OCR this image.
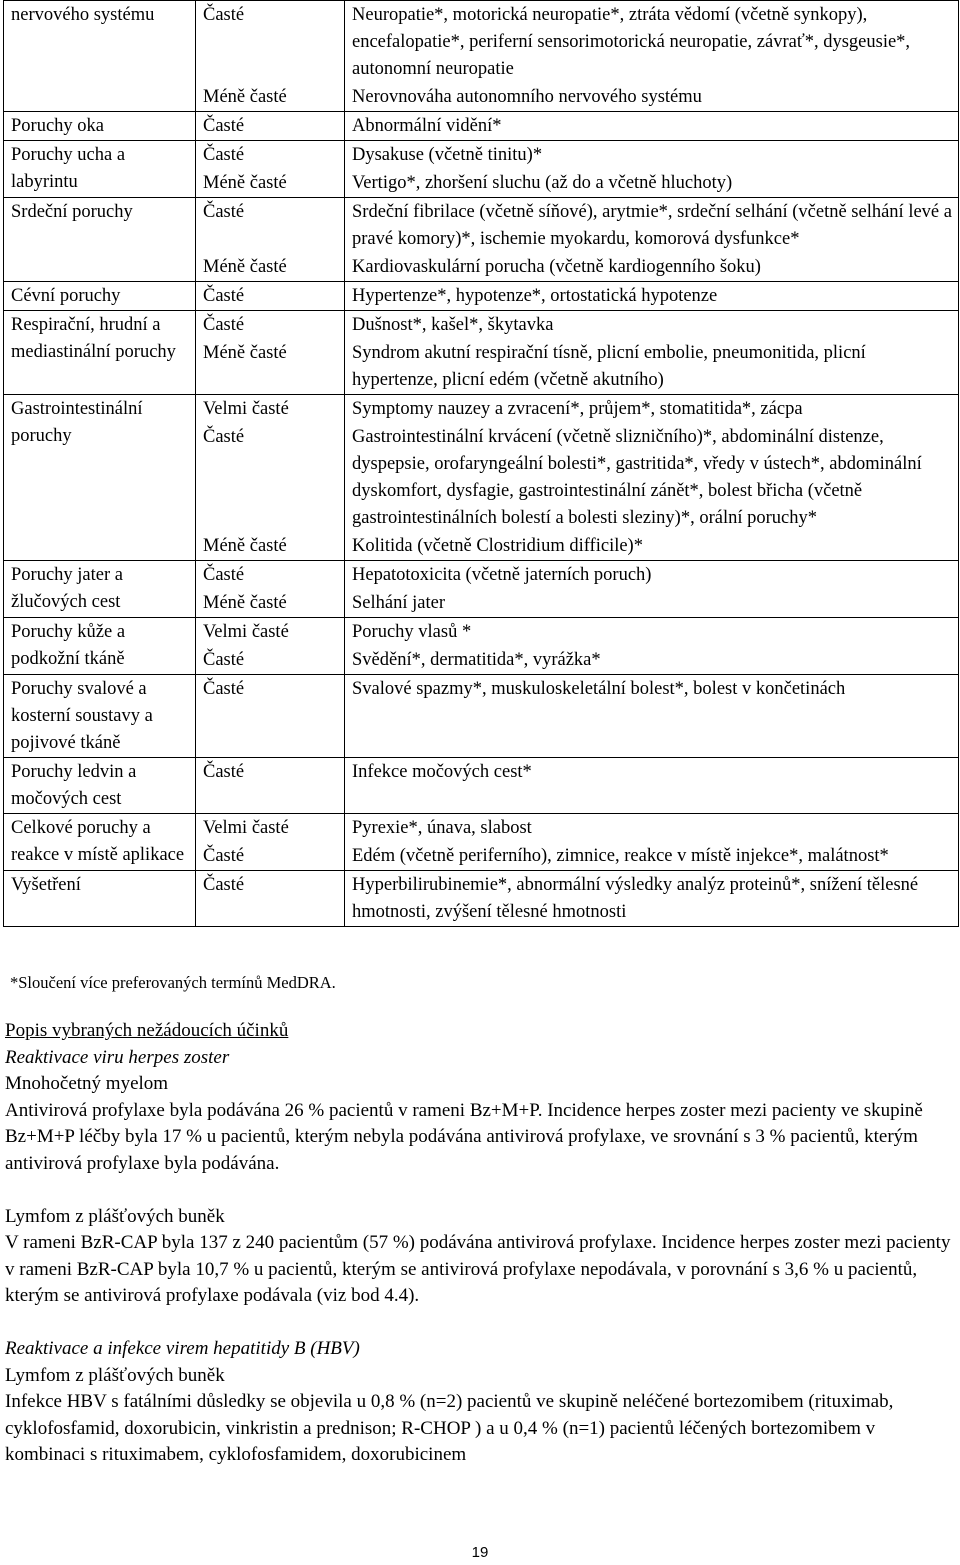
nervového systému	Časté	Neuropatie*, motorická neuropatie*, ztráta vědomí (včetně synkopy), encefalopatie*, periferní sensorimotorická neuropatie, závrať*, dysgeusie*, autonomní neuropatie
	Méně časté	Nerovnováha autonomního nervového systému
Poruchy oka	Časté	Abnormální vidění*
Poruchy ucha a labyrintu	Časté	Dysakuse (včetně tinitu)*
	Méně časté	Vertigo*, zhoršení sluchu (až do a včetně hluchoty)
Srdeční poruchy	Časté	Srdeční fibrilace (včetně síňové), arytmie*, srdeční selhání (včetně selhání levé a pravé komory)*, ischemie myokardu, komorová dysfunkce*
	Méně časté	Kardiovaskulární porucha (včetně kardiogenního šoku)
Cévní poruchy	Časté	Hypertenze*, hypotenze*, ortostatická hypotenze
Respirační, hrudní a mediastinální poruchy	Časté	Dušnost*, kašel*, škytavka
	Méně časté	Syndrom akutní respirační tísně, plicní embolie, pneumonitida, plicní hypertenze, plicní edém (včetně akutního)
Gastrointestinální poruchy	Velmi časté	Symptomy nauzey a zvracení*, průjem*, stomatitida*, zácpa
	Časté	Gastrointestinální krvácení (včetně slizničního)*, abdominální distenze, dyspepsie, orofaryngeální bolesti*, gastritida*, vředy v ústech*, abdominální dyskomfort, dysfagie, gastrointestinální zánět*, bolest břicha (včetně gastrointestinálních bolestí a bolesti sleziny)*, orální poruchy*
	Méně časté	Kolitida (včetně Clostridium difficile)*
Poruchy jater a žlučových cest	Časté	Hepatotoxicita (včetně jaterních poruch)
	Méně časté	Selhání jater
Poruchy kůže a podkožní tkáně	Velmi časté	Poruchy vlasů *
	Časté	Svědění*, dermatitida*, vyrážka*
Poruchy svalové a kosterní soustavy a pojivové tkáně	Časté	Svalové spazmy*, muskuloskeletální bolest*, bolest v končetinách
Poruchy ledvin a močových cest	Časté	Infekce močových cest*
Celkové poruchy a reakce v místě aplikace	Velmi časté	Pyrexie*, únava, slabost
	Časté	Edém (včetně periferního), zimnice, reakce v místě injekce*, malátnost*
Vyšetření	Časté	Hyperbilirubinemie*, abnormální výsledky analýz proteinů*, snížení tělesné hmotnosti, zvýšení tělesné hmotnosti
*Sloučení více preferovaných termínů MedDRA.

Popis vybraných nežádoucích účinků

Reaktivace viru herpes zoster

Mnohočetný myelom

Antivirová profylaxe byla podávána 26 % pacientů v rameni Bz+M+P. Incidence herpes zoster mezi pacienty ve skupině Bz+M+P léčby byla 17 % u pacientů, kterým nebyla podávána antivirová profylaxe, ve srovnání s 3 % pacientů, kterým antivirová profylaxe byla podávána.

Lymfom z plášťových buněk

V rameni BzR-CAP byla 137 z 240 pacientům (57 %) podávána antivirová profylaxe. Incidence herpes zoster mezi pacienty v rameni BzR-CAP byla 10,7 % u pacientů, kterým se antivirová profylaxe nepodávala, v porovnání s 3,6 % u pacientů, kterým se antivirová profylaxe podávala (viz bod 4.4).

Reaktivace a infekce virem hepatitidy B (HBV)

Lymfom z plášťových buněk

Infekce HBV s fatálními důsledky se objevila u 0,8 % (n=2) pacientů ve skupině neléčené bortezomibem (rituximab, cyklofosfamid, doxorubicin, vinkristin a prednison; R-CHOP ) a u 0,4 % (n=1) pacientů léčených bortezomibem v kombinaci s rituximabem, cyklofosfamidem, doxorubicinem

19
